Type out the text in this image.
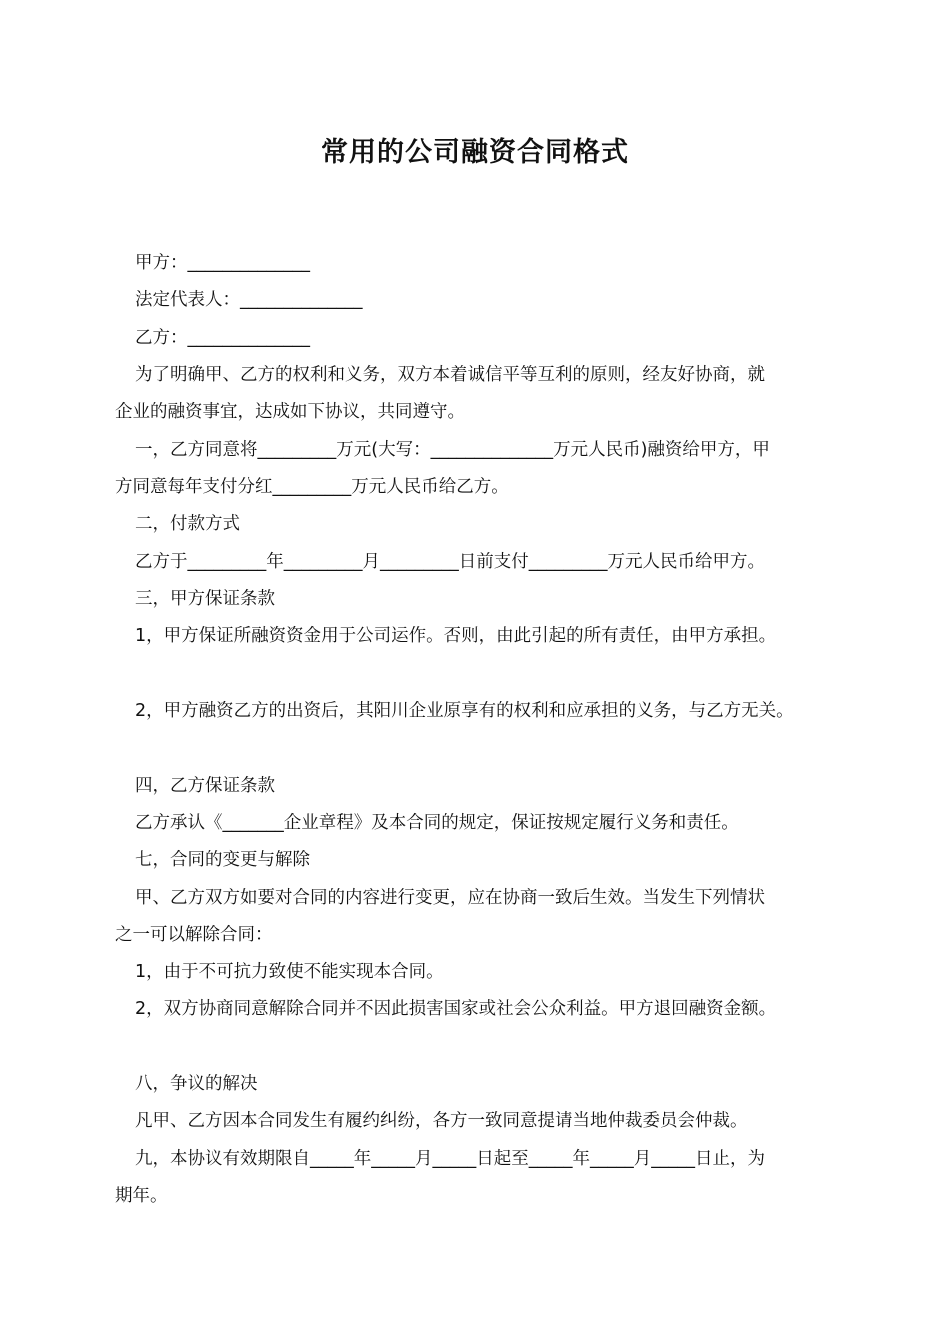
常用的公司融资合同格式
甲方：______________
法定代表人：______________
乙方：______________
为了明确甲、乙方的权利和义务，双方本着诚信平等互利的原则，经友好协商，就
企业的融资事宜，达成如下协议，共同遵守。
一，乙方同意将_________万元(大写：______________万元人民币)融资给甲方，甲
方同意每年支付分红_________万元人民币给乙方。
二，付款方式
乙方于_________年_________月_________日前支付_________万元人民币给甲方。
三，甲方保证条款
1，甲方保证所融资资金用于公司运作。否则，由此引起的所有责任，由甲方承担。
2，甲方融资乙方的出资后，其阳川企业原享有的权利和应承担的义务，与乙方无关。
四，乙方保证条款
乙方承认《_______企业章程》及本合同的规定，保证按规定履行义务和责任。
七，合同的变更与解除
甲、乙方双方如要对合同的内容进行变更，应在协商一致后生效。当发生下列情状
之一可以解除合同：
1，由于不可抗力致使不能实现本合同。
2，双方协商同意解除合同并不因此损害国家或社会公众利益。甲方退回融资金额。
八，争议的解决
凡甲、乙方因本合同发生有履约纠纷，各方一致同意提请当地仲裁委员会仲裁。
九，本协议有效期限自_____年_____月_____日起至_____年_____月_____日止，为
期年。
